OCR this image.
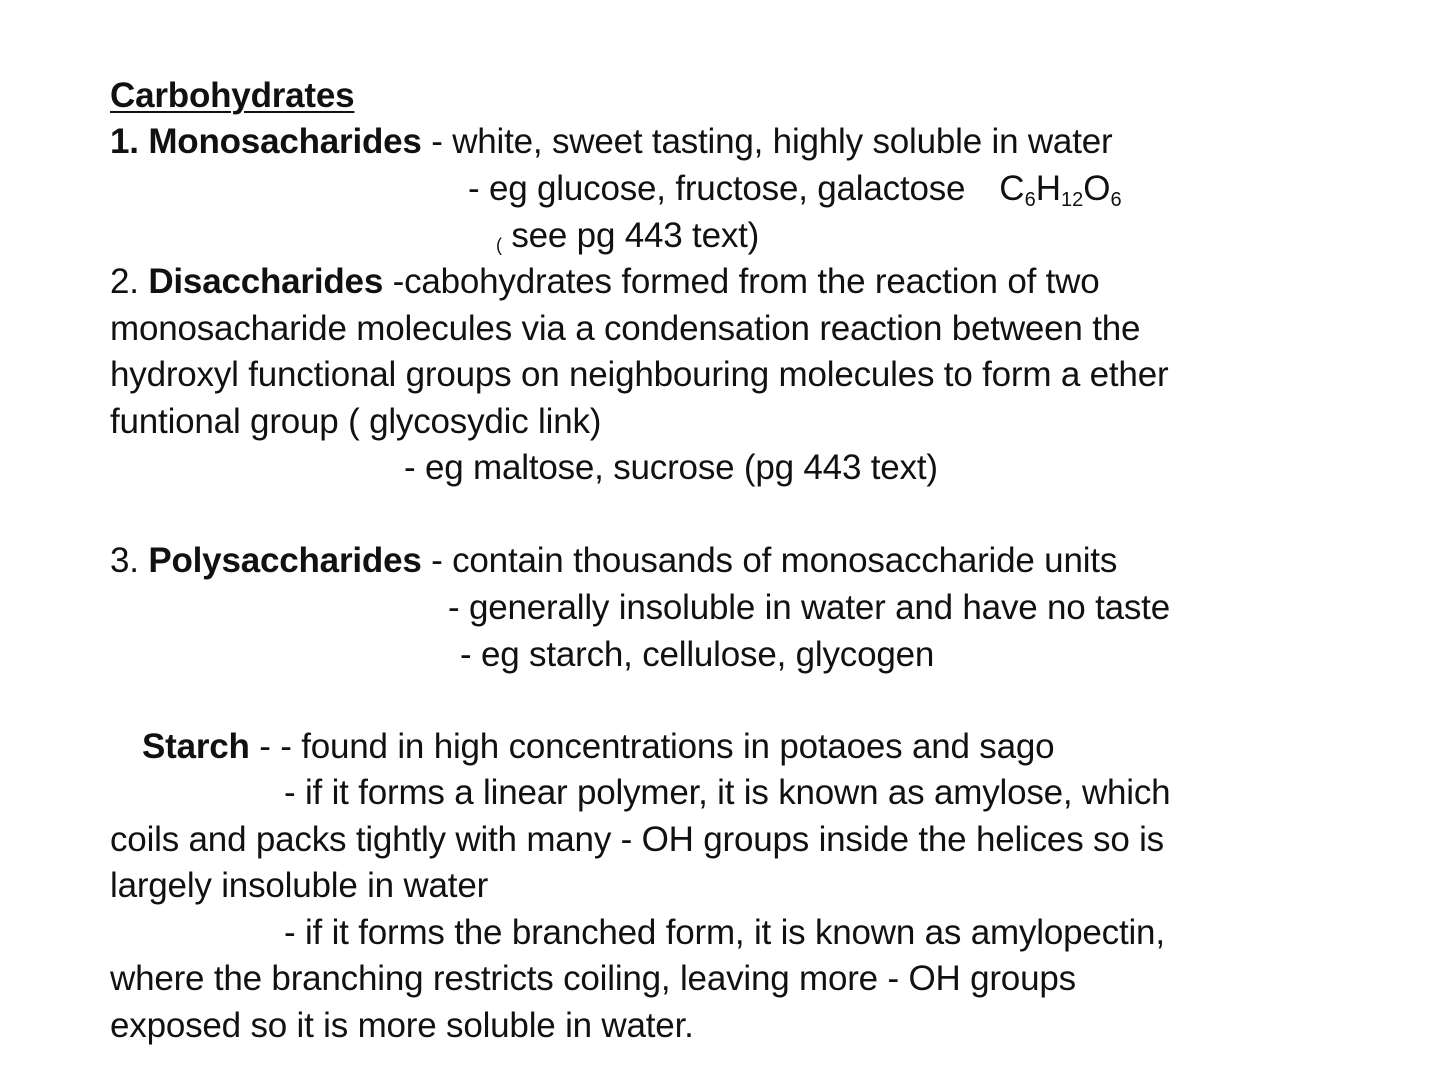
Carbohydrates
1. Monosacharides - white, sweet tasting, highly soluble in water
- eg glucose, fructose, galactose $C_6H_{12}O_6$
( see pg 443 text)
2. Disaccharides -cabohydrates formed from the reaction of two
monosacharide molecules via a condensation reaction between the
hydroxyl functional groups on neighbouring molecules to form a ether
funtional group ( glycosydic link)
- eg maltose, sucrose (pg 443 text)
3. Polysaccharides - contain thousands of monosaccharide units
- generally insoluble in water and have no taste
- eg starch, cellulose, glycogen
Starch - - found in high concentrations in potaoes and sago
- if it forms a linear polymer, it is known as amylose, which
coils and packs tightly with many - OH groups inside the helices so is
largely insoluble in water
- if it forms the branched form, it is known as amylopectin,
where the branching restricts coiling, leaving more - OH groups
exposed so it is more soluble in water.
